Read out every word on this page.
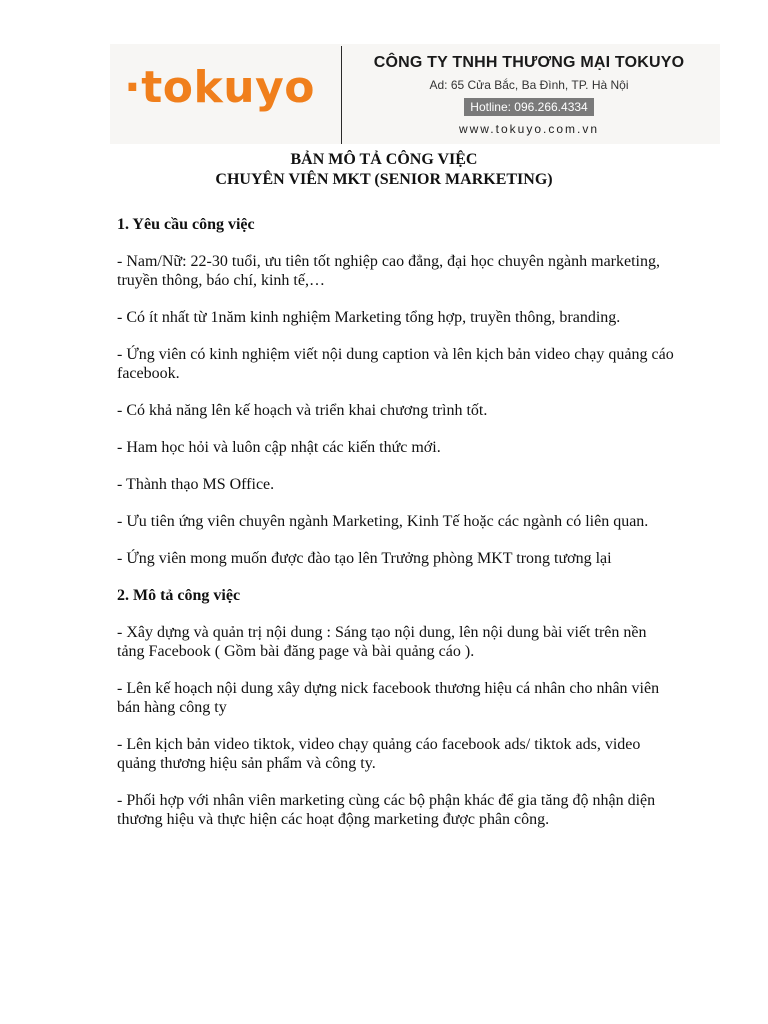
·tokuyo	CÔNG TY TNHH THƯƠNG MẠI TOKUYO
Ad: 65 Cửa Bắc, Ba Đình, TP. Hà Nội
Hotline: 096.266.4334
www.tokuyo.com.vn
BẢN MÔ TẢ CÔNG VIỆC
CHUYÊN VIÊN MKT (SENIOR MARKETING)

1. Yêu cầu công việc

- Nam/Nữ: 22-30 tuổi, ưu tiên tốt nghiệp cao đẳng, đại học chuyên ngành marketing, truyền thông, báo chí, kinh tế,…

- Có ít nhất từ 1năm kinh nghiệm Marketing tổng hợp, truyền thông, branding.

- Ứng viên có kinh nghiệm viết nội dung caption và lên kịch bản video chạy quảng cáo facebook.

- Có khả năng lên kế hoạch và triển khai chương trình tốt.

- Ham học hỏi và luôn cập nhật các kiến thức mới.

- Thành thạo MS Office.

- Ưu tiên ứng viên chuyên ngành Marketing, Kinh Tế hoặc các ngành có liên quan.

- Ứng viên mong muốn được đào tạo lên Trưởng phòng MKT trong tương lại

2. Mô tả công việc

- Xây dựng và quản trị nội dung : Sáng tạo nội dung, lên nội dung bài viết trên nền tảng Facebook ( Gồm bài đăng page và bài quảng cáo ).

- Lên kế hoạch nội dung xây dựng nick facebook thương hiệu cá nhân cho nhân viên bán hàng công ty

- Lên kịch bản video tiktok, video chạy quảng cáo facebook ads/ tiktok ads, video quảng thương hiệu sản phẩm và công ty.

- Phối hợp với nhân viên marketing cùng các bộ phận khác để gia tăng độ nhận diện thương hiệu và thực hiện các hoạt động marketing được phân công.
